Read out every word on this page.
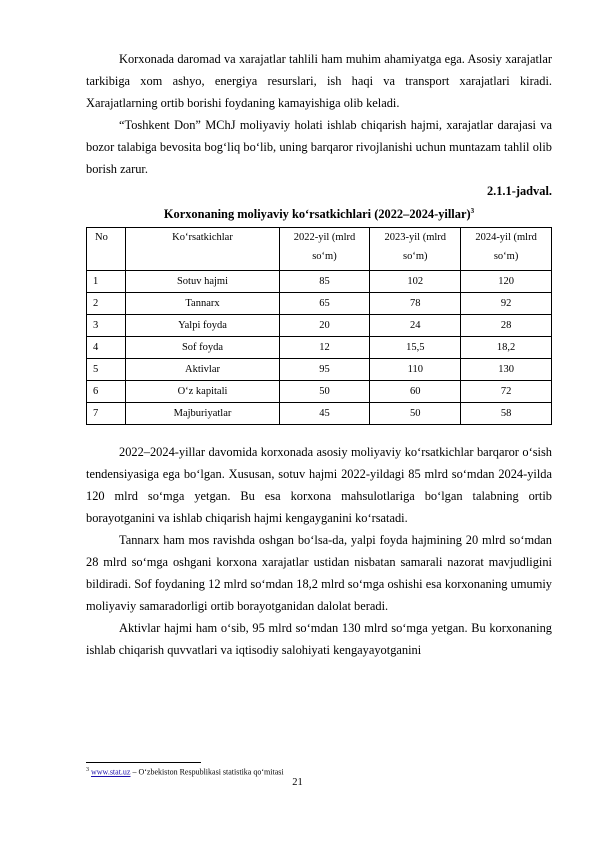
Korxonada daromad va xarajatlar tahlili ham muhim ahamiyatga ega. Asosiy xarajatlar tarkibiga xom ashyo, energiya resurslari, ish haqi va transport xarajatlari kiradi. Xarajatlarning ortib borishi foydaning kamayishiga olib keladi.

“Toshkent Don” MChJ moliyaviy holati ishlab chiqarish hajmi, xarajatlar darajasi va bozor talabiga bevosita bog‘liq bo‘lib, uning barqaror rivojlanishi uchun muntazam tahlil olib borish zarur.

2.1.1-jadval.

Korxonaning moliyaviy ko‘rsatkichlari (2022–2024-yillar)$^3$

No	Ko‘rsatkichlar	2022-yil (mlrd so‘m)	2023-yil (mlrd so‘m)	2024-yil (mlrd so‘m)
1	Sotuv hajmi	85	102	120
2	Tannarx	65	78	92
3	Yalpi foyda	20	24	28
4	Sof foyda	12	15,5	18,2
5	Aktivlar	95	110	130
6	O‘z kapitali	50	60	72
7	Majburiyatlar	45	50	58

2022–2024-yillar davomida korxonada asosiy moliyaviy ko‘rsatkichlar barqaror o‘sish tendensiyasiga ega bo‘lgan. Xususan, sotuv hajmi 2022-yildagi 85 mlrd so‘mdan 2024-yilda 120 mlrd so‘mga yetgan. Bu esa korxona mahsulotlariga bo‘lgan talabning ortib borayotganini va ishlab chiqarish hajmi kengayganini ko‘rsatadi.

Tannarx ham mos ravishda oshgan bo‘lsa-da, yalpi foyda hajmining 20 mlrd so‘mdan 28 mlrd so‘mga oshgani korxona xarajatlar ustidan nisbatan samarali nazorat mavjudligini bildiradi. Sof foydaning 12 mlrd so‘mdan 18,2 mlrd so‘mga oshishi esa korxonaning umumiy moliyaviy samaradorligi ortib borayotganidan dalolat beradi.

Aktivlar hajmi ham o‘sib, 95 mlrd so‘mdan 130 mlrd so‘mga yetgan. Bu korxonaning ishlab chiqarish quvvatlari va iqtisodiy salohiyati kengayayotganini

$^3$ www.stat.uz – O‘zbekiston Respublikasi statistika qo‘mitasi
21
